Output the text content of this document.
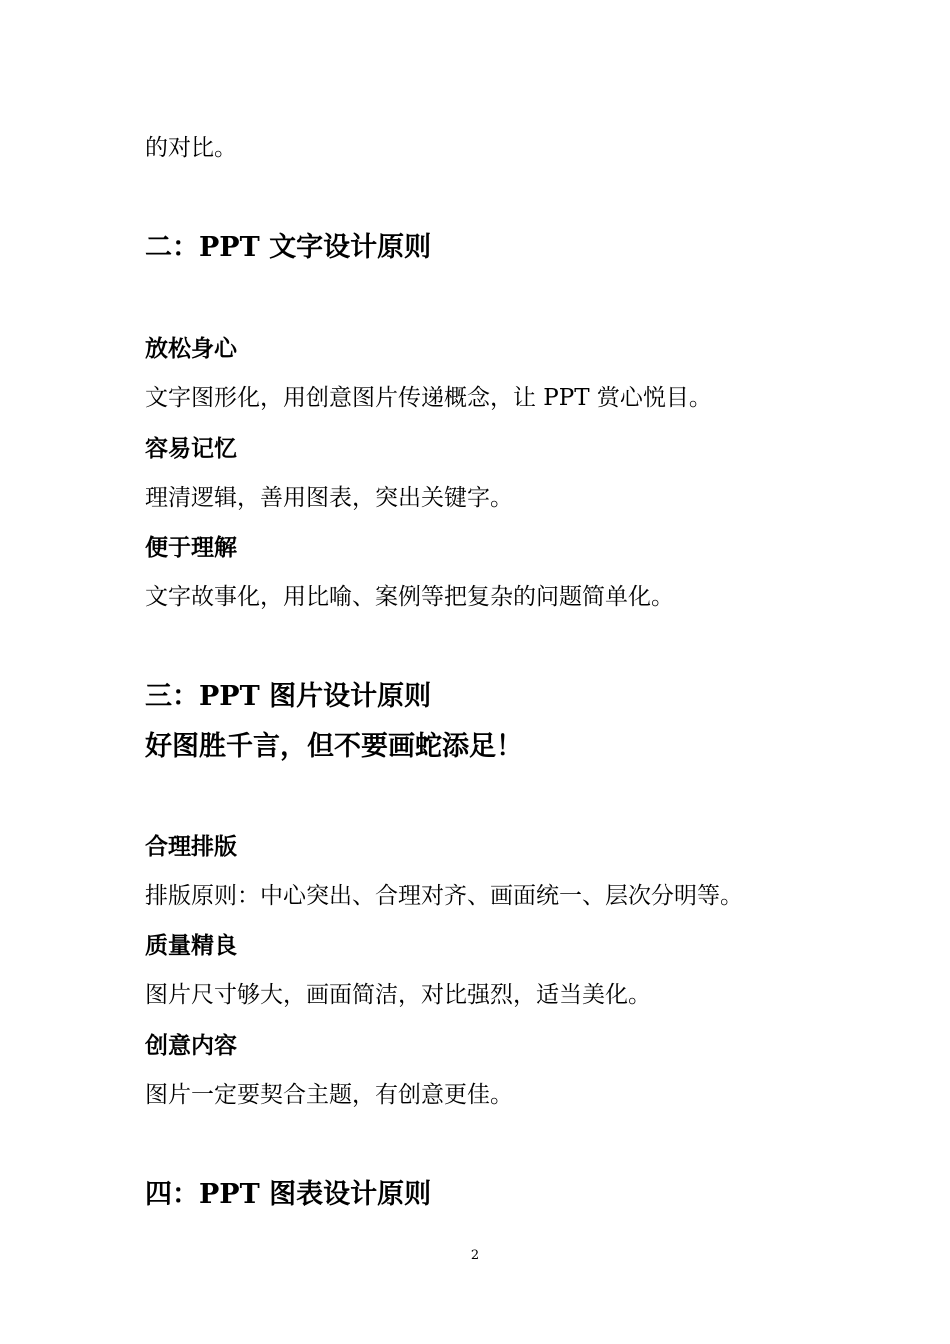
的对比。
二：PPT 文字设计原则
放松身心
文字图形化，用创意图片传递概念，让 PPT 赏心悦目。
容易记忆
理清逻辑，善用图表，突出关键字。
便于理解
文字故事化，用比喻、案例等把复杂的问题简单化。
三：PPT 图片设计原则
好图胜千言，但不要画蛇添足！
合理排版
排版原则：中心突出、合理对齐、画面统一、层次分明等。
质量精良
图片尺寸够大，画面简洁，对比强烈，适当美化。
创意内容
图片一定要契合主题，有创意更佳。
四：PPT 图表设计原则
2
